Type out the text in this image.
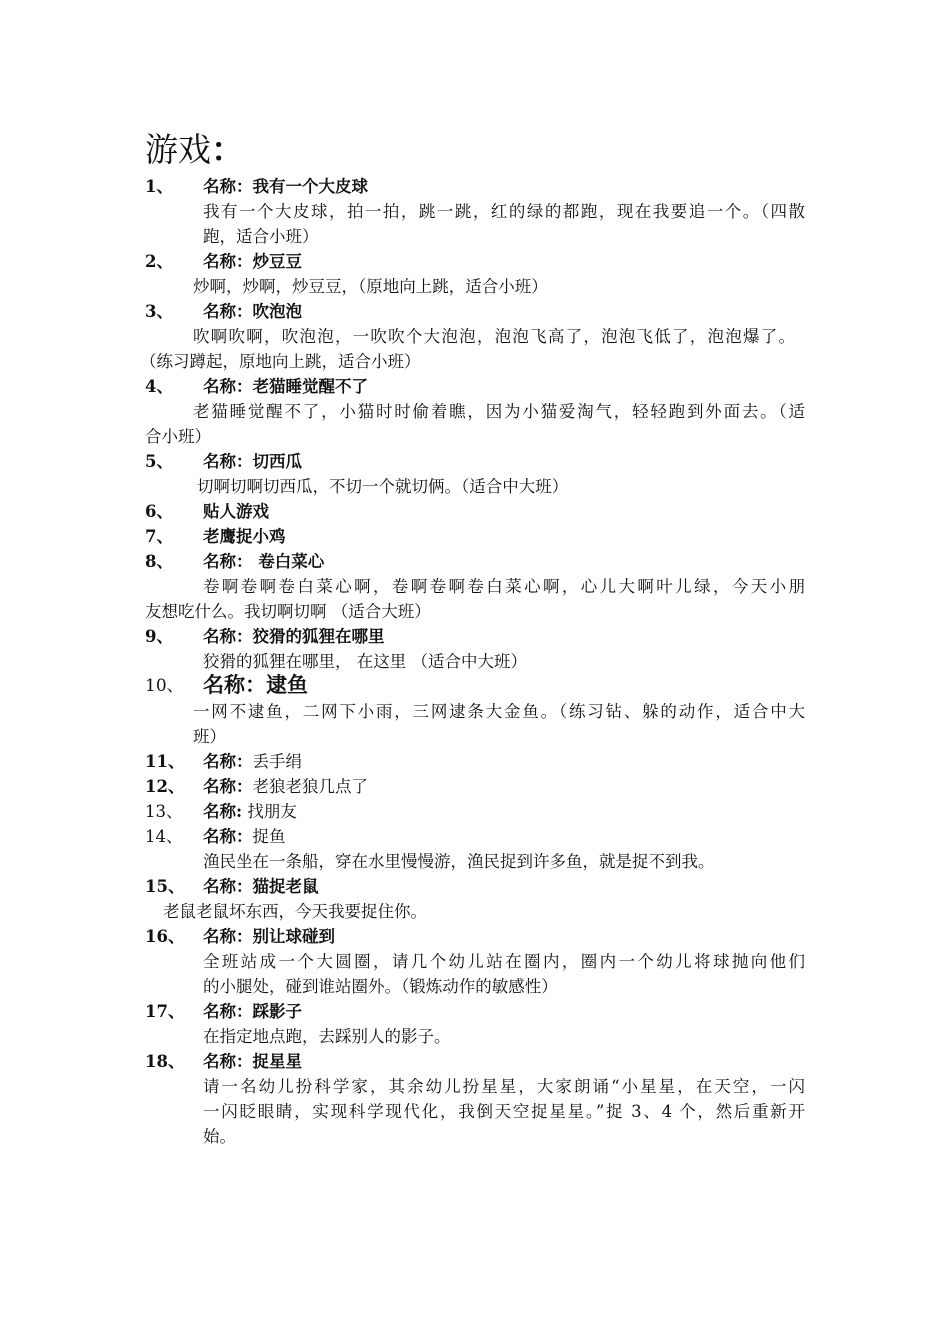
游戏：
1、 名称：我有一个大皮球
我有一个大皮球，拍一拍，跳一跳，红的绿的都跑，现在我要追一个。（四散
跑，适合小班）
2、 名称：炒豆豆
炒啊，炒啊，炒豆豆，（原地向上跳，适合小班）
3、 名称：吹泡泡
吹啊吹啊，吹泡泡，一吹吹个大泡泡，泡泡飞高了，泡泡飞低了，泡泡爆了。
（练习蹲起，原地向上跳，适合小班）
4、 名称：老猫睡觉醒不了
老猫睡觉醒不了，小猫时时偷着瞧，因为小猫爱淘气，轻轻跑到外面去。（适
合小班）
5、 名称：切西瓜
切啊切啊切西瓜，不切一个就切俩。（适合中大班）
6、 贴人游戏
7、 老鹰捉小鸡
8、 名称： 卷白菜心
卷啊卷啊卷白菜心啊，卷啊卷啊卷白菜心啊，心儿大啊叶儿绿，今天小朋
友想吃什么。我切啊切啊 （适合大班）
9、 名称：狡猾的狐狸在哪里
狡猾的狐狸在哪里， 在这里 （适合中大班）
10、 名称：逮鱼
一网不逮鱼，二网下小雨，三网逮条大金鱼。（练习钻、躲的动作，适合中大
班）
11、 名称：丢手绢
12、 名称：老狼老狼几点了
13、 名称: 找朋友
14、 名称：捉鱼
渔民坐在一条船，穿在水里慢慢游，渔民捉到许多鱼，就是捉不到我。
15、 名称：猫捉老鼠
老鼠老鼠坏东西，今天我要捉住你。
16、 名称：别让球碰到
全班站成一个大圆圈，请几个幼儿站在圈内，圈内一个幼儿将球抛向他们
的小腿处，碰到谁站圈外。（锻炼动作的敏感性）
17、 名称：踩影子
在指定地点跑，去踩别人的影子。
18、 名称：捉星星
请一名幼儿扮科学家，其余幼儿扮星星，大家朗诵“小星星，在天空，一闪
一闪眨眼睛，实现科学现代化，我倒天空捉星星。”捉 3、4 个，然后重新开
始。
